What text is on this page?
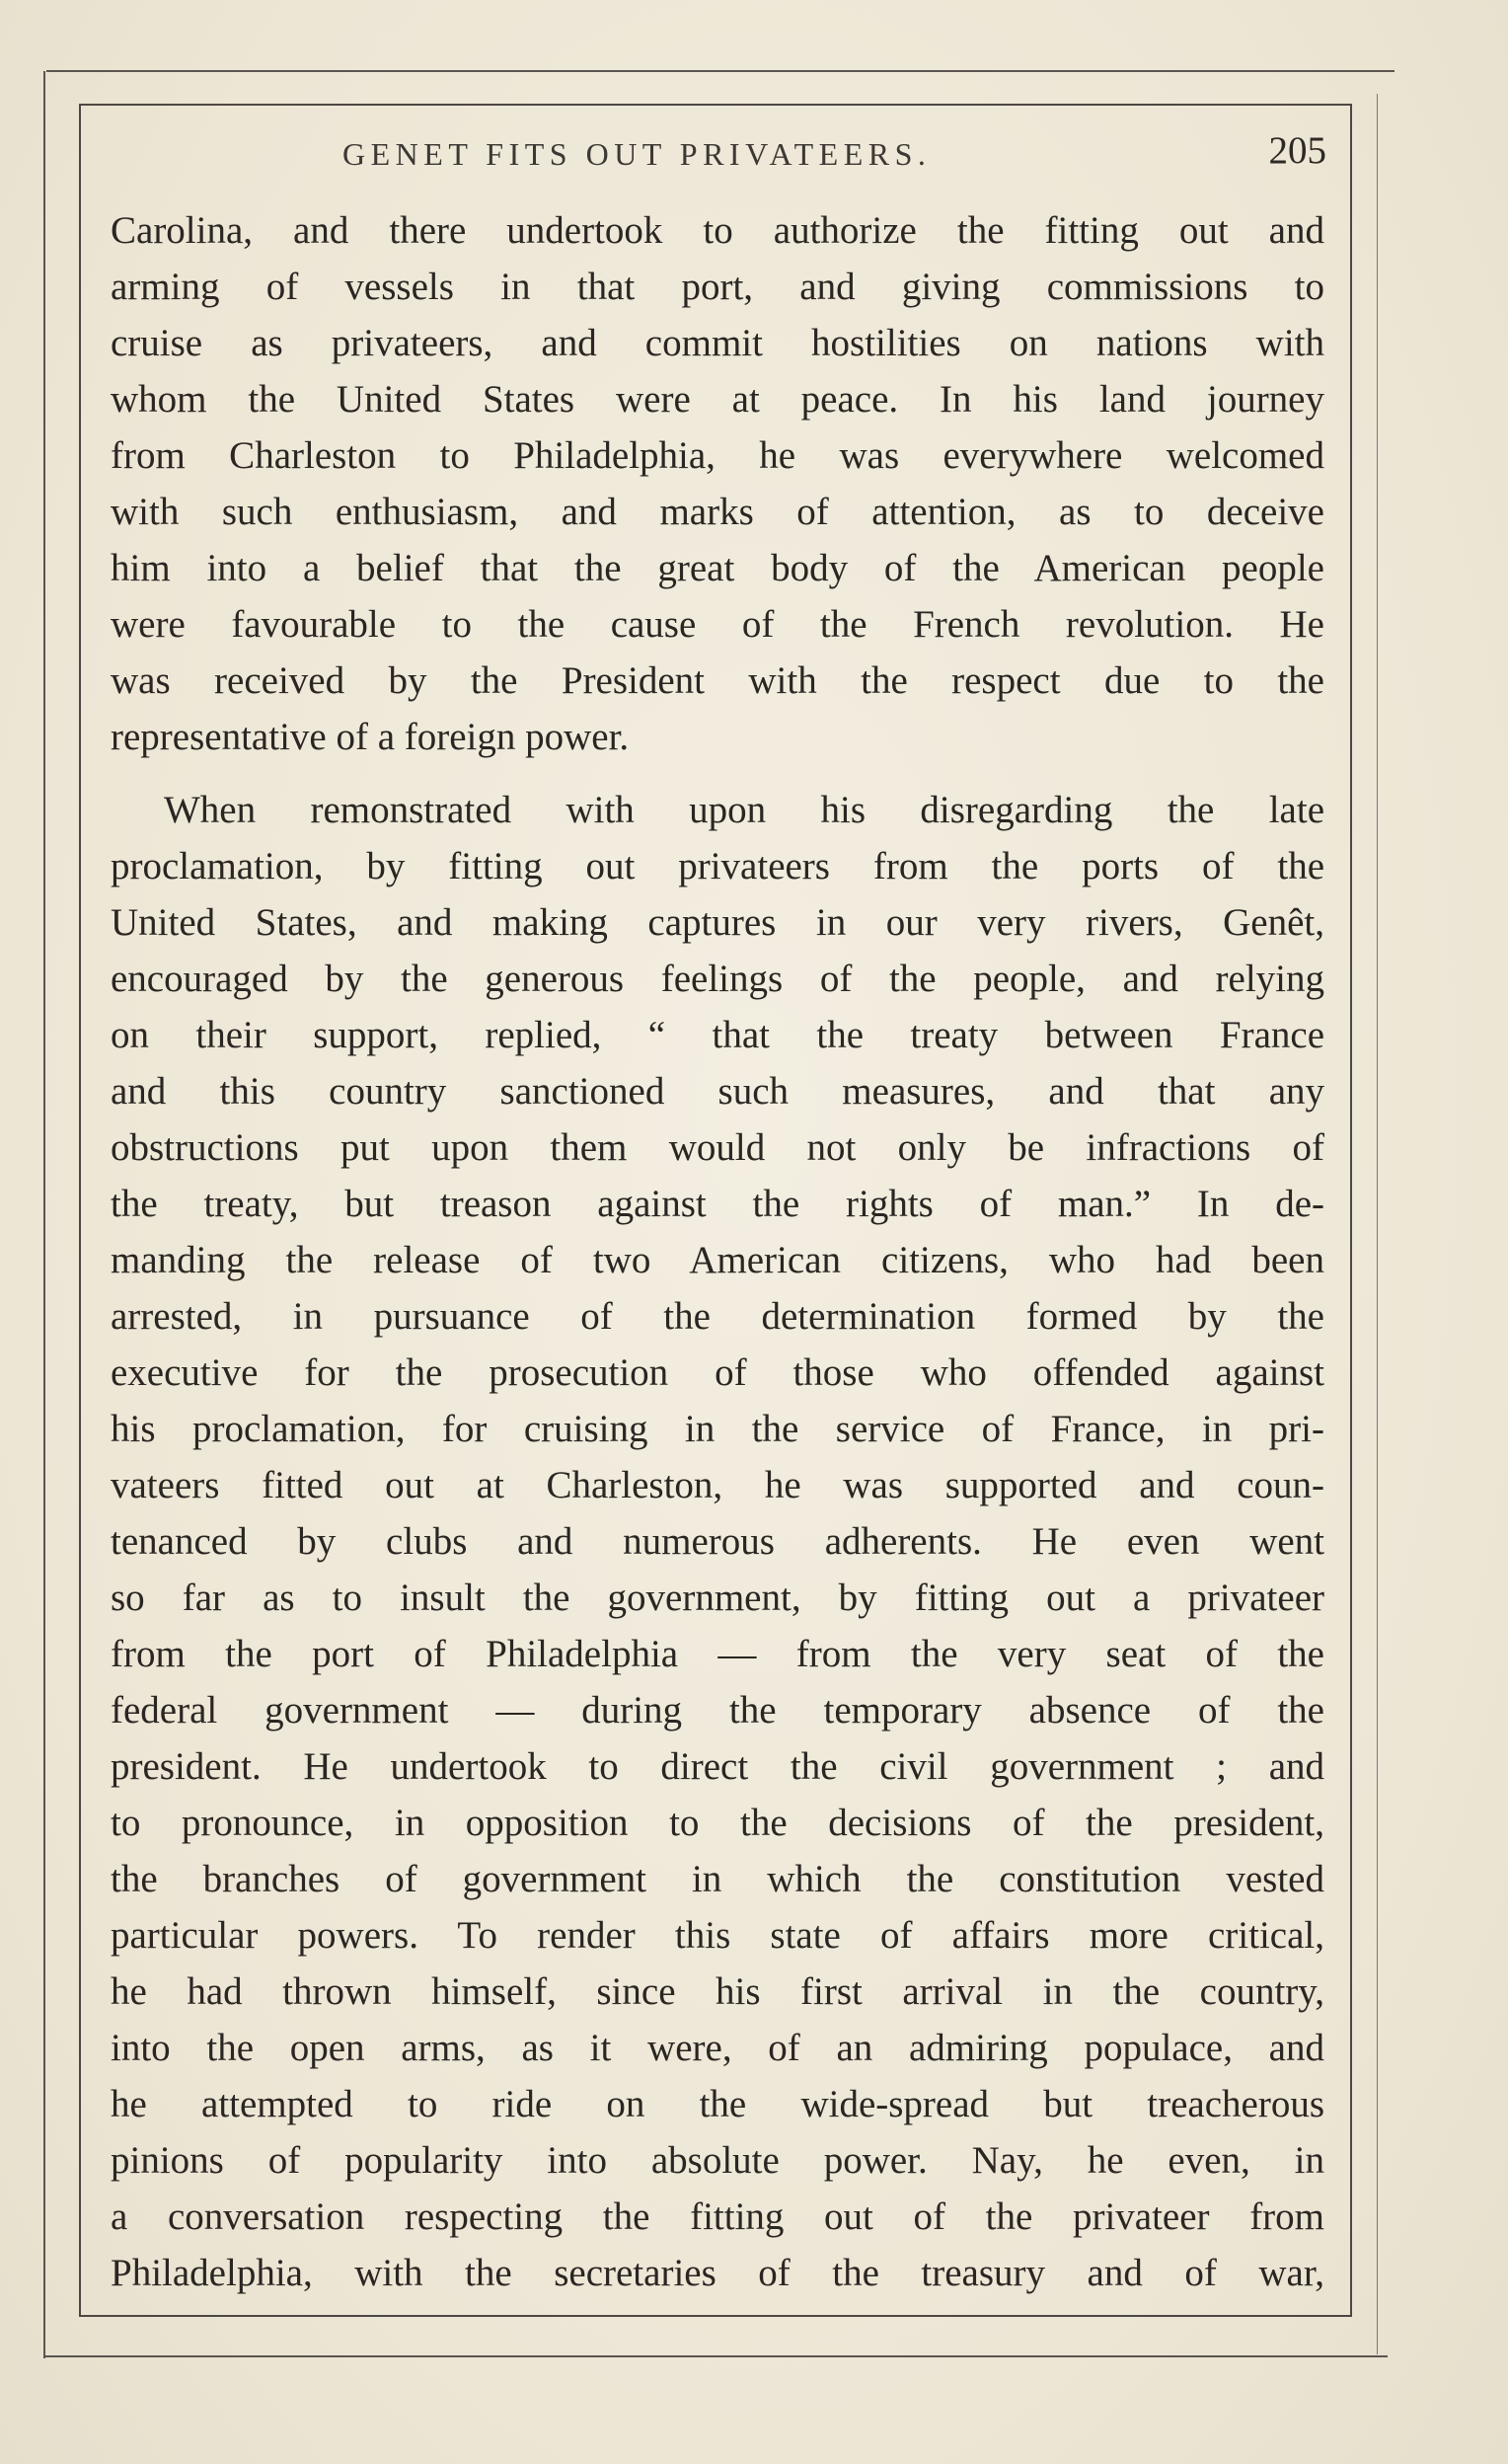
GENET FITS OUT PRIVATEERS.	205
Carolina, and there undertook to authorize the fitting out and
arming of vessels in that port, and giving commissions to
cruise as privateers, and commit hostilities on nations with
whom the United States were at peace. In his land journey
from Charleston to Philadelphia, he was everywhere welcomed
with such enthusiasm, and marks of attention, as to deceive
him into a belief that the great body of the American people
were favourable to the cause of the French revolution. He
was received by the President with the respect due to the
representative of a foreign power.
When remonstrated with upon his disregarding the late
proclamation, by fitting out privateers from the ports of the
United States, and making captures in our very rivers, Genêt,
encouraged by the generous feelings of the people, and relying
on their support, replied, “ that the treaty between France
and this country sanctioned such measures, and that any
obstructions put upon them would not only be infractions of
the treaty, but treason against the rights of man.” In de-
manding the release of two American citizens, who had been
arrested, in pursuance of the determination formed by the
executive for the prosecution of those who offended against
his proclamation, for cruising in the service of France, in pri-
vateers fitted out at Charleston, he was supported and coun-
tenanced by clubs and numerous adherents. He even went
so far as to insult the government, by fitting out a privateer
from the port of Philadelphia — from the very seat of the
federal government — during the temporary absence of the
president. He undertook to direct the civil government ; and
to pronounce, in opposition to the decisions of the president,
the branches of government in which the constitution vested
particular powers. To render this state of affairs more critical,
he had thrown himself, since his first arrival in the country,
into the open arms, as it were, of an admiring populace, and
he attempted to ride on the wide-spread but treacherous
pinions of popularity into absolute power. Nay, he even, in
a conversation respecting the fitting out of the privateer from
Philadelphia, with the secretaries of the treasury and of war,
